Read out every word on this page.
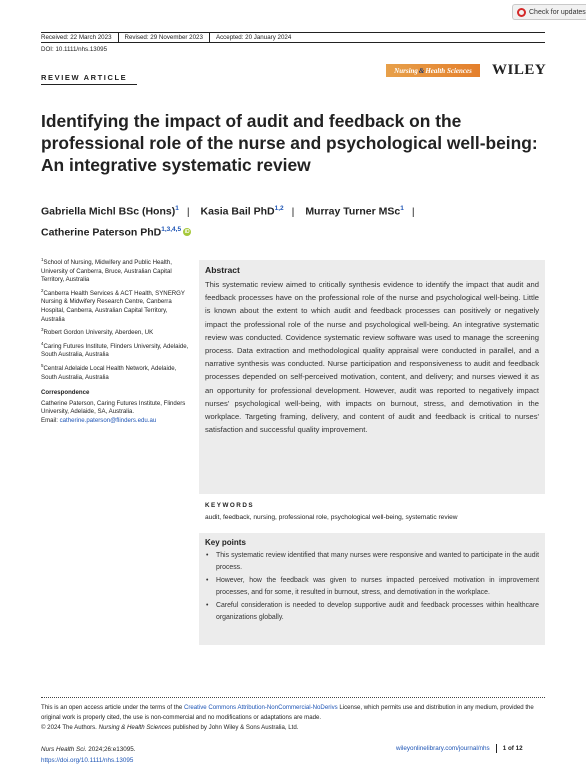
Check for updates
Received: 22 March 2023	Revised: 29 November 2023	Accepted: 20 January 2024
DOI: 10.1111/nhs.13095
REVIEW ARTICLE
Nursing & Health Sciences WILEY
Identifying the impact of audit and feedback on the professional role of the nurse and psychological well-being: An integrative systematic review
Gabriella Michl BSc (Hons)$^1$ | Kasia Bail PhD$^{1,2}$ | Murray Turner MSc$^1$ |
Catherine Paterson PhD$^{1,3,4,5}$ iD

$^1$School of Nursing, Midwifery and Public Health, University of Canberra, Bruce, Australian Capital Territory, Australia

$^2$Canberra Health Services & ACT Health, SYNERGY Nursing & Midwifery Research Centre, Canberra Hospital, Canberra, Australian Capital Territory, Australia

$^3$Robert Gordon University, Aberdeen, UK

$^4$Caring Futures Institute, Flinders University, Adelaide, South Australia, Australia

$^5$Central Adelaide Local Health Network, Adelaide, South Australia, Australia

Correspondence

Catherine Paterson, Caring Futures Institute, Flinders University, Adelaide, SA, Australia.
Email: catherine.paterson@flinders.edu.au

Abstract

This systematic review aimed to critically synthesis evidence to identify the impact that audit and feedback processes have on the professional role of the nurse and psychological well-being. Little is known about the extent to which audit and feedback processes can positively or negatively impact the professional role of the nurse and psychological well-being. An integrative systematic review was conducted. Covidence systematic review software was used to manage the screening process. Data extraction and methodological quality appraisal were conducted in parallel, and a narrative synthesis was conducted. Nurse participation and responsiveness to audit and feedback processes depended on self-perceived motivation, content, and delivery; and nurses viewed it as an opportunity for professional development. However, audit was reported to negatively impact nurses' psychological well-being, with impacts on burnout, stress, and demotivation in the workplace. Targeting framing, delivery, and content of audit and feedback is critical to nurses' satisfaction and successful quality improvement.

KEYWORDS
audit, feedback, nursing, professional role, psychological well-being, systematic review
Key points
• This systematic review identified that many nurses were responsive and wanted to participate in the audit process.
• However, how the feedback was given to nurses impacted perceived motivation in improvement processes, and for some, it resulted in burnout, stress, and demotivation in the workplace.
• Careful consideration is needed to develop supportive audit and feedback processes within healthcare organizations globally.
This is an open access article under the terms of the Creative Commons Attribution-NonCommercial-NoDerivs License, which permits use and distribution in any medium, provided the original work is properly cited, the use is non-commercial and no modifications or adaptations are made.
© 2024 The Authors. Nursing & Health Sciences published by John Wiley & Sons Australia, Ltd.
Nurs Health Sci. 2024;26:e13095.
https://doi.org/10.1111/nhs.13095
wileyonlinelibrary.com/journal/nhs 1 of 12
